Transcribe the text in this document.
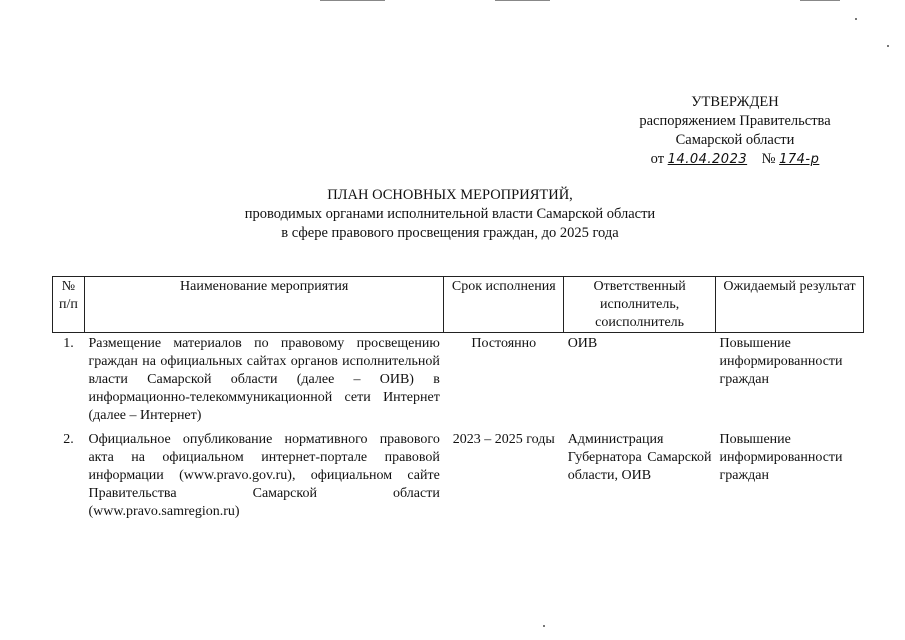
УТВЕРЖДЕН
распоряжением Правительства
Самарской области
от 14.04.2023 № 174-р
ПЛАН ОСНОВНЫХ МЕРОПРИЯТИЙ,
проводимых органами исполнительной власти Самарской области
в сфере правового просвещения граждан, до 2025 года
№ п/п	Наименование мероприятия	Срок исполнения	Ответственный исполнитель, соисполнитель	Ожидаемый результат
1.	Размещение материалов по правовому просвещению граждан на официальных сайтах органов исполнительной власти Самарской области (далее – ОИВ) в информационно-телекоммуникационной сети Интернет (далее – Интернет)	Постоянно	ОИВ	Повышение информированности граждан
2.	Официальное опубликование нормативного правового акта на официальном интернет-портале правовой информации (www.pravo.gov.ru), официальном сайте Правительства Самарской области (www.pravo.samregion.ru)	2023 – 2025 годы	Администрация Губернатора Самарской области, ОИВ	Повышение информированности граждан
